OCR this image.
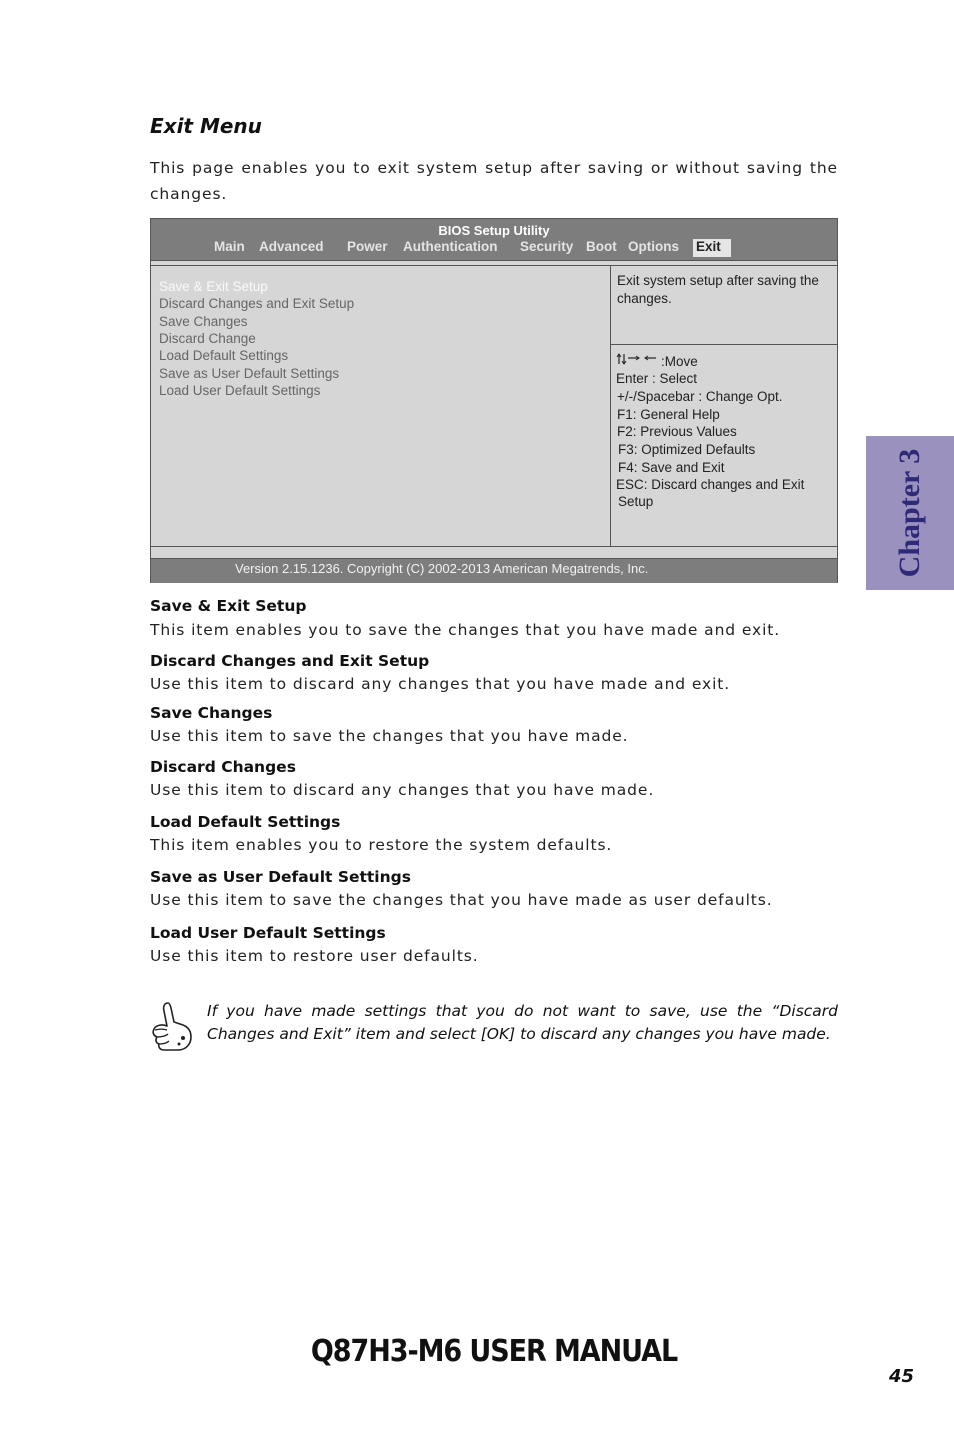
Exit Menu
This page enables you to exit system setup after saving or without saving the changes.
BIOS Setup Utility
Main Advanced Power Authentication Security Boot Options Exit
Save & Exit Setup
Discard Changes and Exit Setup
Save Changes
Discard Change
Load Default Settings
Save as User Default Settings
Load User Default Settings
Exit system setup after saving the changes.
:Move
Enter : Select
+/-/Spacebar : Change Opt.
F1: General Help
F2: Previous Values
F3: Optimized Defaults
F4: Save and Exit
ESC: Discard changes and Exit
Setup
Version 2.15.1236. Copyright (C) 2002-2013 American Megatrends, Inc.
Save & Exit Setup
This item enables you to save the changes that you have made and exit.
Discard Changes and Exit Setup
Use this item to discard any changes that you have made and exit.
Save Changes
Use this item to save the changes that you have made.
Discard Changes
Use this item to discard any changes that you have made.
Load Default Settings
This item enables you to restore the system defaults.
Save as User Default Settings
Use this item to save the changes that you have made as user defaults.
Load User Default Settings
Use this item to restore user defaults.
If you have made settings that you do not want to save, use the “Discard Changes and Exit” item and select [OK] to discard any changes you have made.
Chapter 3
Q87H3-M6 USER MANUAL
45
